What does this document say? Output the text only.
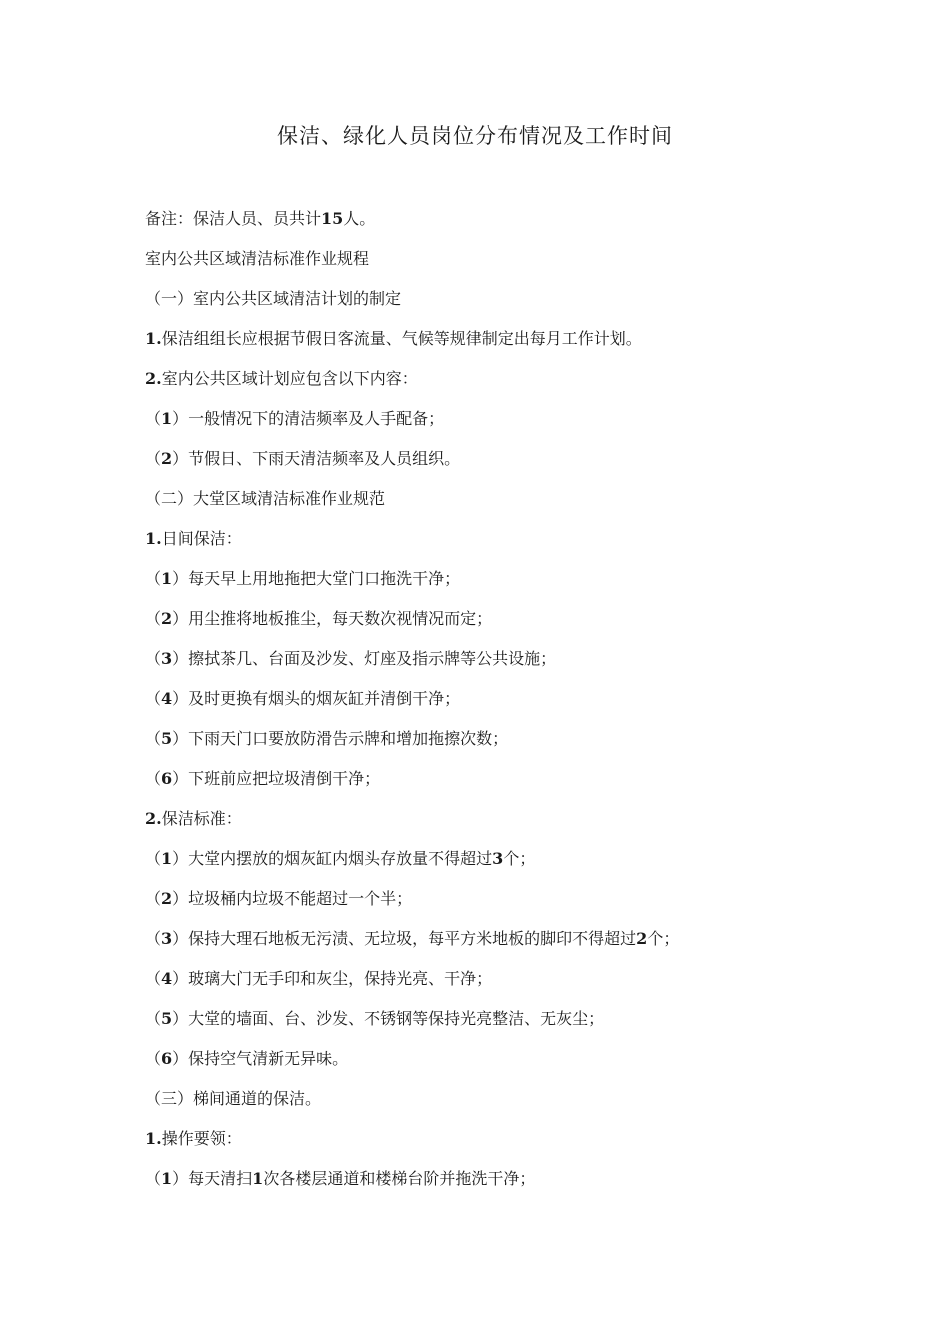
保洁、绿化人员岗位分布情况及工作时间
备注：保洁人员、员共计15人。
室内公共区域清洁标准作业规程
（一）室内公共区域清洁计划的制定
1.保洁组组长应根据节假日客流量、气候等规律制定出每月工作计划。
2.室内公共区域计划应包含以下内容：
（1）一般情况下的清洁频率及人手配备；
（2）节假日、下雨天清洁频率及人员组织。
（二）大堂区域清洁标准作业规范
1.日间保洁：
（1）每天早上用地拖把大堂门口拖洗干净；
（2）用尘推将地板推尘，每天数次视情况而定；
（3）擦拭茶几、台面及沙发、灯座及指示牌等公共设施；
（4）及时更换有烟头的烟灰缸并清倒干净；
（5）下雨天门口要放防滑告示牌和增加拖擦次数；
（6）下班前应把垃圾清倒干净；
2.保洁标准：
（1）大堂内摆放的烟灰缸内烟头存放量不得超过3个；
（2）垃圾桶内垃圾不能超过一个半；
（3）保持大理石地板无污渍、无垃圾，每平方米地板的脚印不得超过2个；
（4）玻璃大门无手印和灰尘，保持光亮、干净；
（5）大堂的墙面、台、沙发、不锈钢等保持光亮整洁、无灰尘；
（6）保持空气清新无异味。
（三）梯间通道的保洁。
1.操作要领：
（1）每天清扫1次各楼层通道和楼梯台阶并拖洗干净；
